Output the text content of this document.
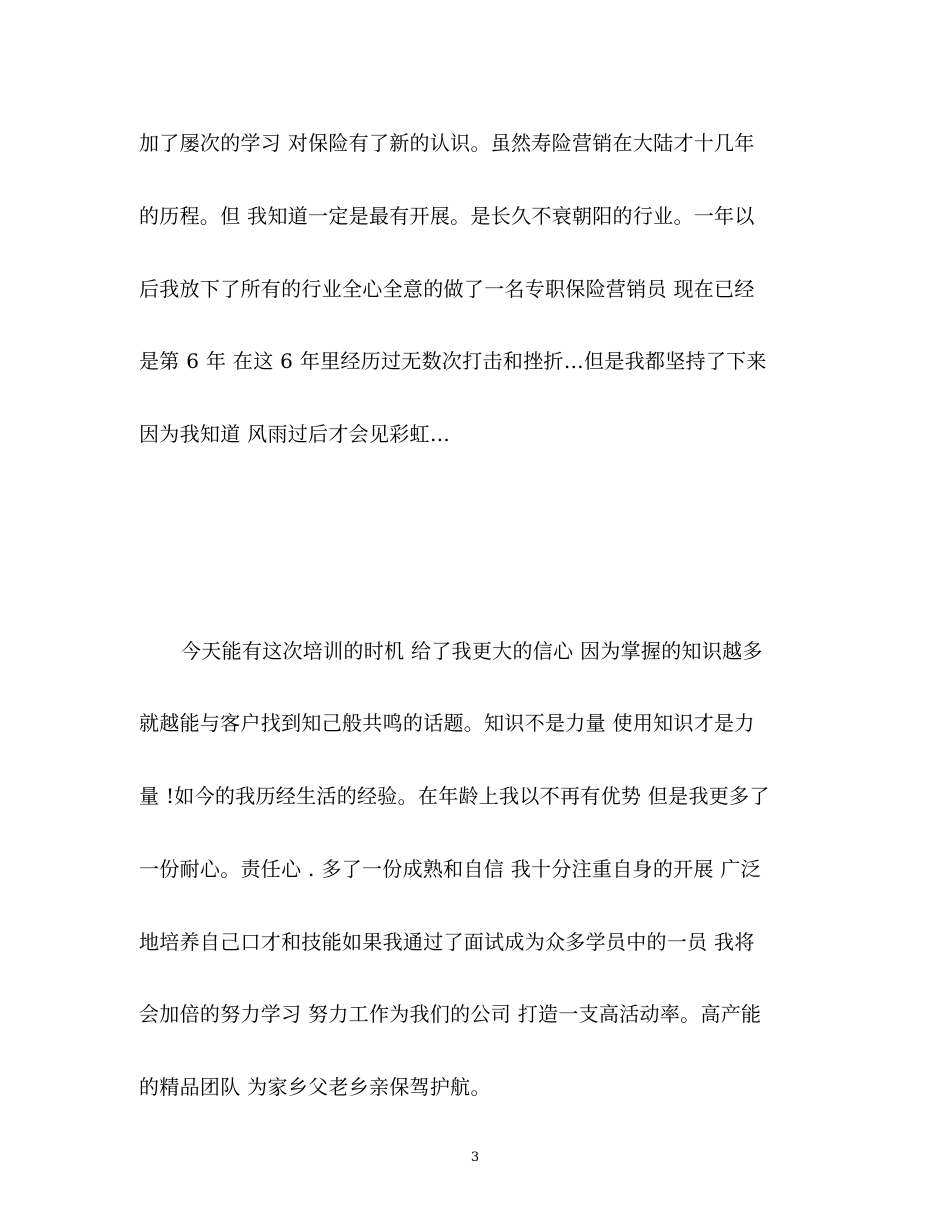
加了屡次的学习 对保险有了新的认识。虽然寿险营销在大陆才十几年
的历程。但 我知道一定是最有开展。是长久不衰朝阳的行业。一年以
后我放下了所有的行业全心全意的做了一名专职保险营销员 现在已经
是第 6 年 在这 6 年里经历过无数次打击和挫折…但是我都坚持了下来
因为我知道 风雨过后才会见彩虹…
今天能有这次培训的时机 给了我更大的信心 因为掌握的知识越多
就越能与客户找到知己般共鸣的话题。知识不是力量 使用知识才是力
量 !如今的我历经生活的经验。在年龄上我以不再有优势 但是我更多了
一份耐心。责任心 . 多了一份成熟和自信 我十分注重自身的开展 广泛
地培养自己口才和技能如果我通过了面试成为众多学员中的一员 我将
会加倍的努力学习 努力工作为我们的公司 打造一支高活动率。高产能
的精品团队 为家乡父老乡亲保驾护航。
3
